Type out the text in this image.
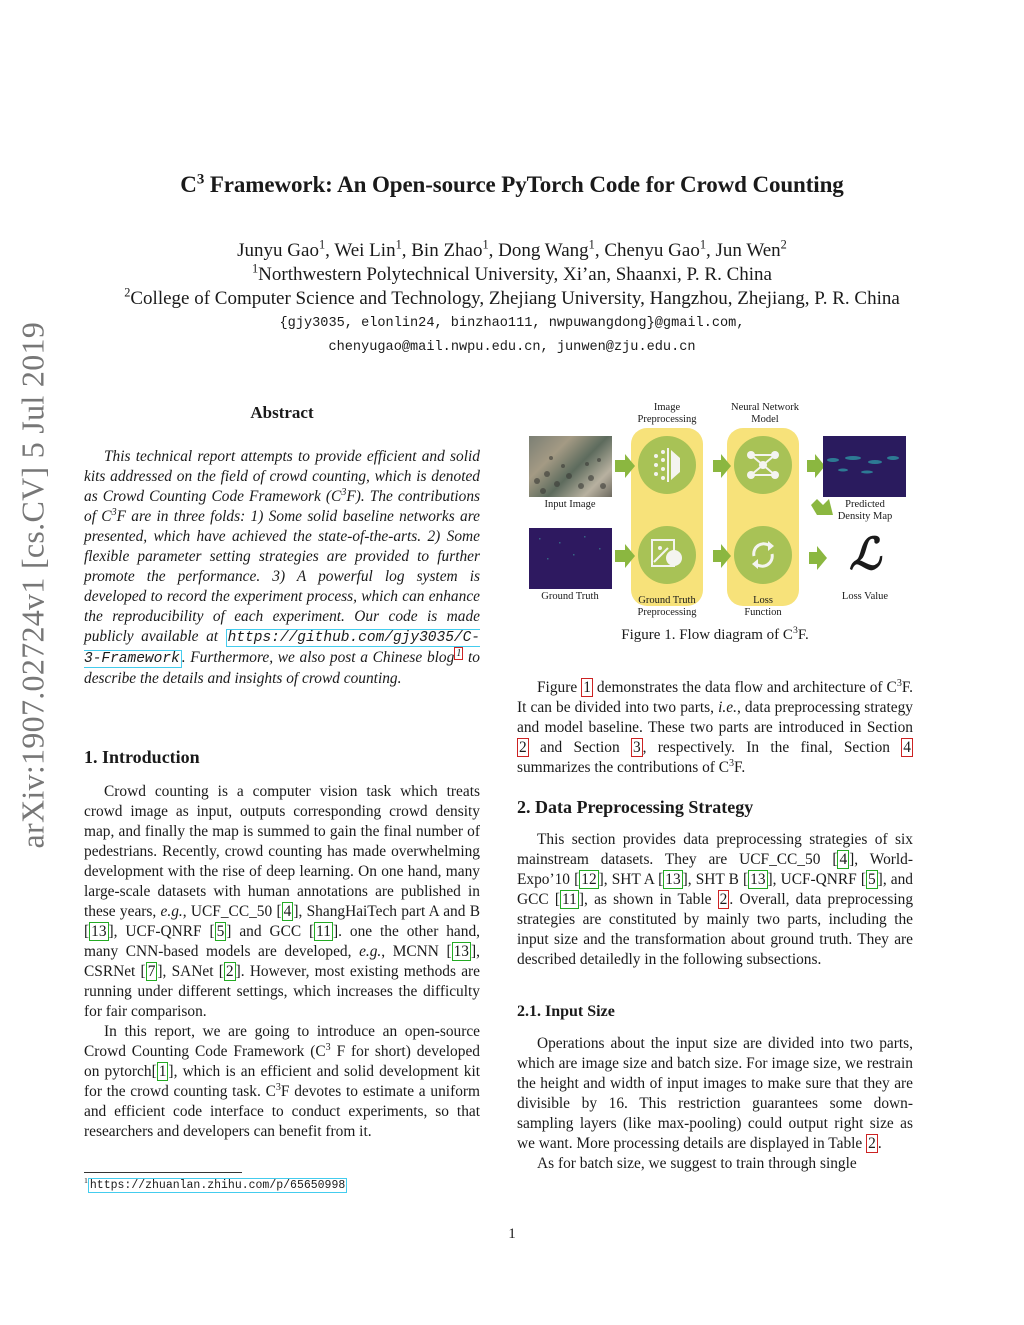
arXiv:1907.02724v1 [cs.CV] 5 Jul 2019
$C^3$ Framework: An Open-source PyTorch Code for Crowd Counting
Junyu Gao$^1$, Wei Lin$^1$, Bin Zhao$^1$, Dong Wang$^1$, Chenyu Gao$^1$, Jun Wen$^2$
$^1$Northwestern Polytechnical University, Xi’an, Shaanxi, P. R. China
$^2$College of Computer Science and Technology, Zhejiang University, Hangzhou, Zhejiang, P. R. China
{gjy3035, elonlin24, binzhao111, nwpuwangdong}@gmail.com,
chenyugao@mail.nwpu.edu.cn, junwen@zju.edu.cn
Abstract

This technical report attempts to provide efficient and solid kits addressed on the field of crowd counting, which is denoted as Crowd Counting Code Framework $(C^3F)$. The contributions of $C^3F$ are in three folds: 1) Some solid baseline networks are presented, which have achieved the state-of-the-arts. 2) Some flexible parameter setting strategies are provided to further promote the performance. 3) A powerful log system is developed to record the experiment process, which can enhance the reproducibility of each experiment. Our code is made publicly available at https://github.com/gjy3035/C-3-Framework . Furthermore, we also post a Chinese blog $^1$ to describe the details and insights of crowd counting.

1. Introduction

Crowd counting is a computer vision task which treats crowd image as input, outputs corresponding crowd density map, and finally the map is summed to gain the final number of pedestrians. Recently, crowd counting has made overwhelming development with the rise of deep learning. On one hand, many large-scale datasets with human annotations are published in these years, e.g., UCF_CC_50 [ 4 ], ShangHaiTech part A and B [ 13 ], UCF-QNRF [ 5 ] and GCC [ 11 ]. one the other hand, many CNN-based models are developed, e.g., MCNN [ 13 ], CSRNet [ 7 ], SANet [ 2 ]. However, most existing methods are running under different settings, which increases the difficulty for fair comparison.

In this report, we are going to introduce an open-source Crowd Counting Code Framework ($C^3$ F for short) developed on pytorch[ 1 ], which is an efficient and solid development kit for the crowd counting task. $C^3F$ devotes to estimate a uniform and efficient code interface to conduct experiments, so that researchers and developers can benefit from it.

$^1$ https://zhuanlan.zhihu.com/p/65650998
Image
Preprocessing
Neural Network
Model
Input Image
Ground Truth	Ground Truth
Preprocessing
Loss
Function
Predicted
Density Map
ℒ
Loss Value
Figure 1. Flow diagram of $C^3F$.

Figure 1 demonstrates the data flow and architecture of $C^3F$. It can be divided into two parts, i.e., data preprocessing strategy and model baseline. These two parts are introduced in Section 2 and Section 3 , respectively. In the final, Section 4 summarizes the contributions of $C^3F$.

2. Data Preprocessing Strategy

This section provides data preprocessing strategies of six mainstream datasets. They are UCF_CC_50 [ 4 ], World-Expo’10 [ 12 ], SHT A [ 13 ], SHT B [ 13 ], UCF-QNRF [ 5 ], and GCC [ 11 ], as shown in Table 2 . Overall, data preprocessing strategies are constituted by mainly two parts, including the input size and the transformation about ground truth. They are described detailedly in the following subsections.

2.1. Input Size

Operations about the input size are divided into two parts, which are image size and batch size. For image size, we restrain the height and width of input images to make sure that they are divisible by 16. This restriction guarantees some down-sampling layers (like max-pooling) could output right size as we want. More processing details are displayed in Table 2 .

As for batch size, we suggest to train through single

1
